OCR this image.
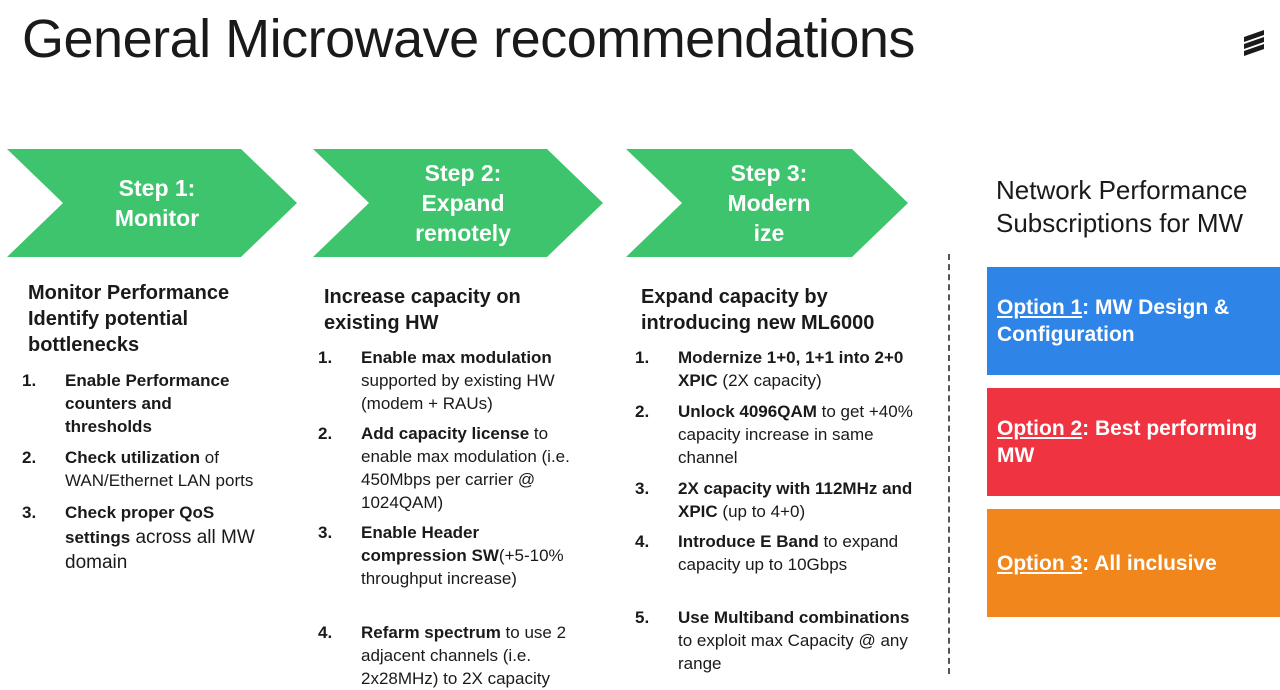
General Microwave recommendations
Step 1:
Monitor
Step 2:
Expand
remotely
Step 3:
Modern
ize
Monitor Performance
Identify potential
bottlenecks
1. Enable Performance counters and thresholds
2. Check utilization of WAN/Ethernet LAN ports
3. Check proper QoS settings across all MW domain
Increase capacity on
existing HW
1. Enable max modulation supported by existing HW (modem + RAUs)
2. Add capacity license to enable max modulation (i.e. 450Mbps per carrier @ 1024QAM)
3. Enable Header compression SW(+5-10% throughput increase)
4. Refarm spectrum to use 2 adjacent channels (i.e. 2x28MHz) to 2X capacity
Expand capacity by
introducing new ML6000
1. Modernize 1+0, 1+1 into 2+0 XPIC (2X capacity)
2. Unlock 4096QAM to get +40% capacity increase in same channel
3. 2X capacity with 112MHz and XPIC (up to 4+0)
4. Introduce E Band to expand capacity up to 10Gbps
5. Use Multiband combinations to exploit max Capacity @ any range
Network Performance
Subscriptions for MW
Option 1: MW Design & Configuration
Option 2: Best performing MW
Option 3: All inclusive
